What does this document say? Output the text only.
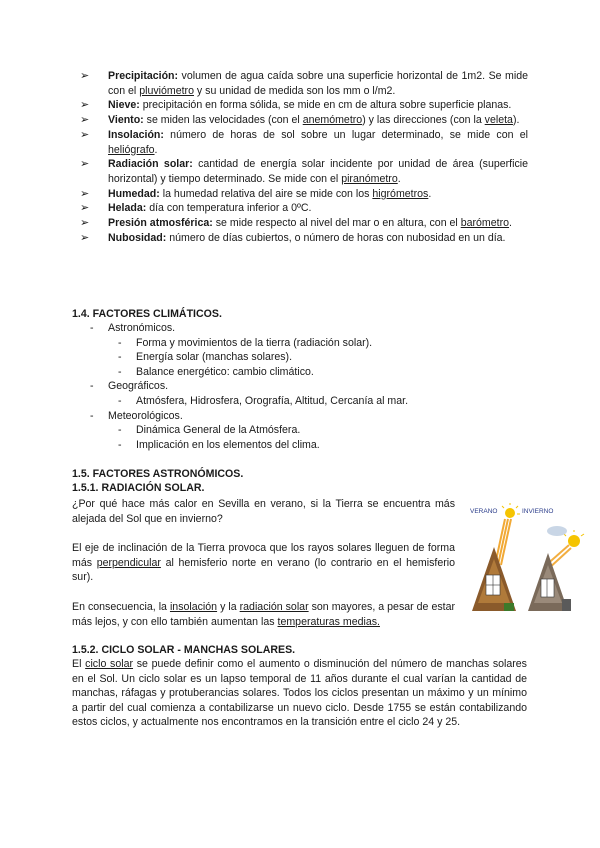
➢ Precipitación: volumen de agua caída sobre una superficie horizontal de 1m2. Se mide con el pluviómetro y su unidad de medida son los mm o l/m2.
➢ Nieve: precipitación en forma sólida, se mide en cm de altura sobre superficie planas.
➢ Viento: se miden las velocidades (con el anemómetro) y las direcciones (con la veleta).
➢ Insolación: número de horas de sol sobre un lugar determinado, se mide con el heliógrafo.
➢ Radiación solar: cantidad de energía solar incidente por unidad de área (superficie horizontal) y tiempo determinado. Se mide con el piranómetro.
➢ Humedad: la humedad relativa del aire se mide con los higrómetros.
➢ Helada: día con temperatura inferior a 0ºC.
➢ Presión atmosférica: se mide respecto al nivel del mar o en altura, con el barómetro.
➢ Nubosidad: número de días cubiertos, o número de horas con nubosidad en un día.
1.4. FACTORES CLIMÁTICOS.
- Astronómicos.
- Forma y movimientos de la tierra (radiación solar).
- Energía solar (manchas solares).
- Balance energético: cambio climático.
- Geográficos.
- Atmósfera, Hidrosfera, Orografía, Altitud, Cercanía al mar.
- Meteorológicos.
- Dinámica General de la Atmósfera.
- Implicación en los elementos del clima.
1.5. FACTORES ASTRONÓMICOS.
1.5.1. RADIACIÓN SOLAR.
¿Por qué hace más calor en Sevilla en verano, si la Tierra se encuentra más alejada del Sol que en invierno?
El eje de inclinación de la Tierra provoca que los rayos solares lleguen de forma más perpendicular al hemisferio norte en verano (lo contrario en el hemisferio sur).
En consecuencia, la insolación y la radiación solar son mayores, a pesar de estar más lejos, y con ello también aumentan las temperaturas medias.
VERANO	INVIERNO
1.5.2. CICLO SOLAR - MANCHAS SOLARES.
El ciclo solar se puede definir como el aumento o disminución del número de manchas solares en el Sol. Un ciclo solar es un lapso temporal de 11 años durante el cual varían la cantidad de manchas, ráfagas y protuberancias solares. Todos los ciclos presentan un máximo y un mínimo a partir del cual comienza a contabilizarse un nuevo ciclo. Desde 1755 se están contabilizando estos ciclos, y actualmente nos encontramos en la transición entre el ciclo 24 y 25.
